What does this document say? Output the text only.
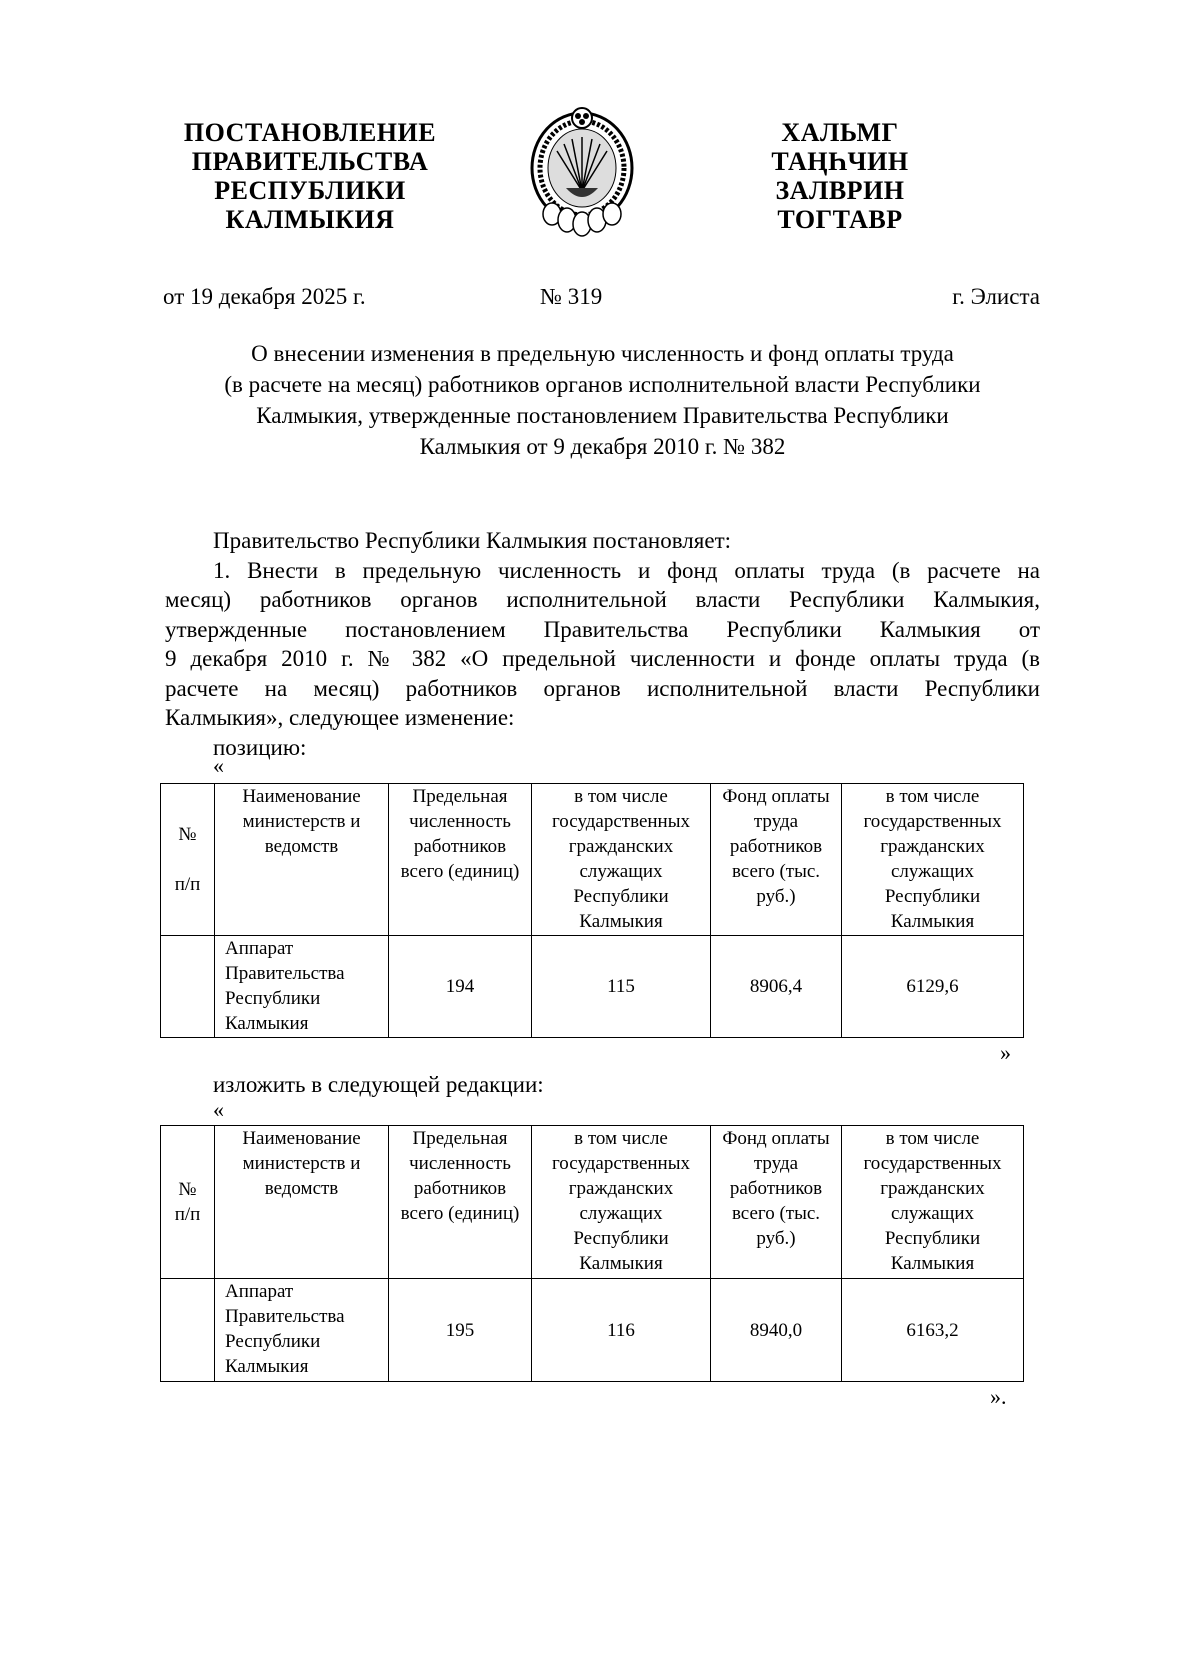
ПОСТАНОВЛЕНИЕ
ПРАВИТЕЛЬСТВА
РЕСПУБЛИКИ
КАЛМЫКИЯ
ХАЛЬМГ
ТАҢҺЧИН
ЗАЛВРИН
ТОГТАВР
от 19 декабря 2025 г.	№ 319	г. Элиста
О внесении изменения в предельную численность и фонд оплаты труда
(в расчете на месяц) работников органов исполнительной власти Республики
Калмыкия, утвержденные постановлением Правительства Республики
Калмыкия от 9 декабря 2010 г. № 382
Правительство Республики Калмыкия постановляет:
1. Внести в предельную численность и фонд оплаты труда (в расчете на
месяц) работников органов исполнительной власти Республики Калмыкия,
утвержденные постановлением Правительства Республики Калмыкия от
9 декабря 2010 г. № 382 «О предельной численности и фонде оплаты труда (в
расчете на месяц) работников органов исполнительной власти Республики
Калмыкия», следующее изменение:
позицию:
«
№

п/п	Наименование министерств и ведомств	Предельная численность работников всего (единиц)	в том числе государственных гражданских служащих Республики Калмыкия	Фонд оплаты труда работников всего (тыс. руб.)	в том числе государственных гражданских служащих Республики Калмыкия
	Аппарат Правительства Республики Калмыкия	194	115	8906,4	6129,6
»
изложить в следующей редакции:
«
№
п/п	Наименование министерств и ведомств	Предельная численность работников всего (единиц)	в том числе государственных гражданских служащих Республики Калмыкия	Фонд оплаты труда работников всего (тыс. руб.)	в том числе государственных гражданских служащих Республики Калмыкия
	Аппарат Правительства Республики Калмыкия	195	116	8940,0	6163,2
».
